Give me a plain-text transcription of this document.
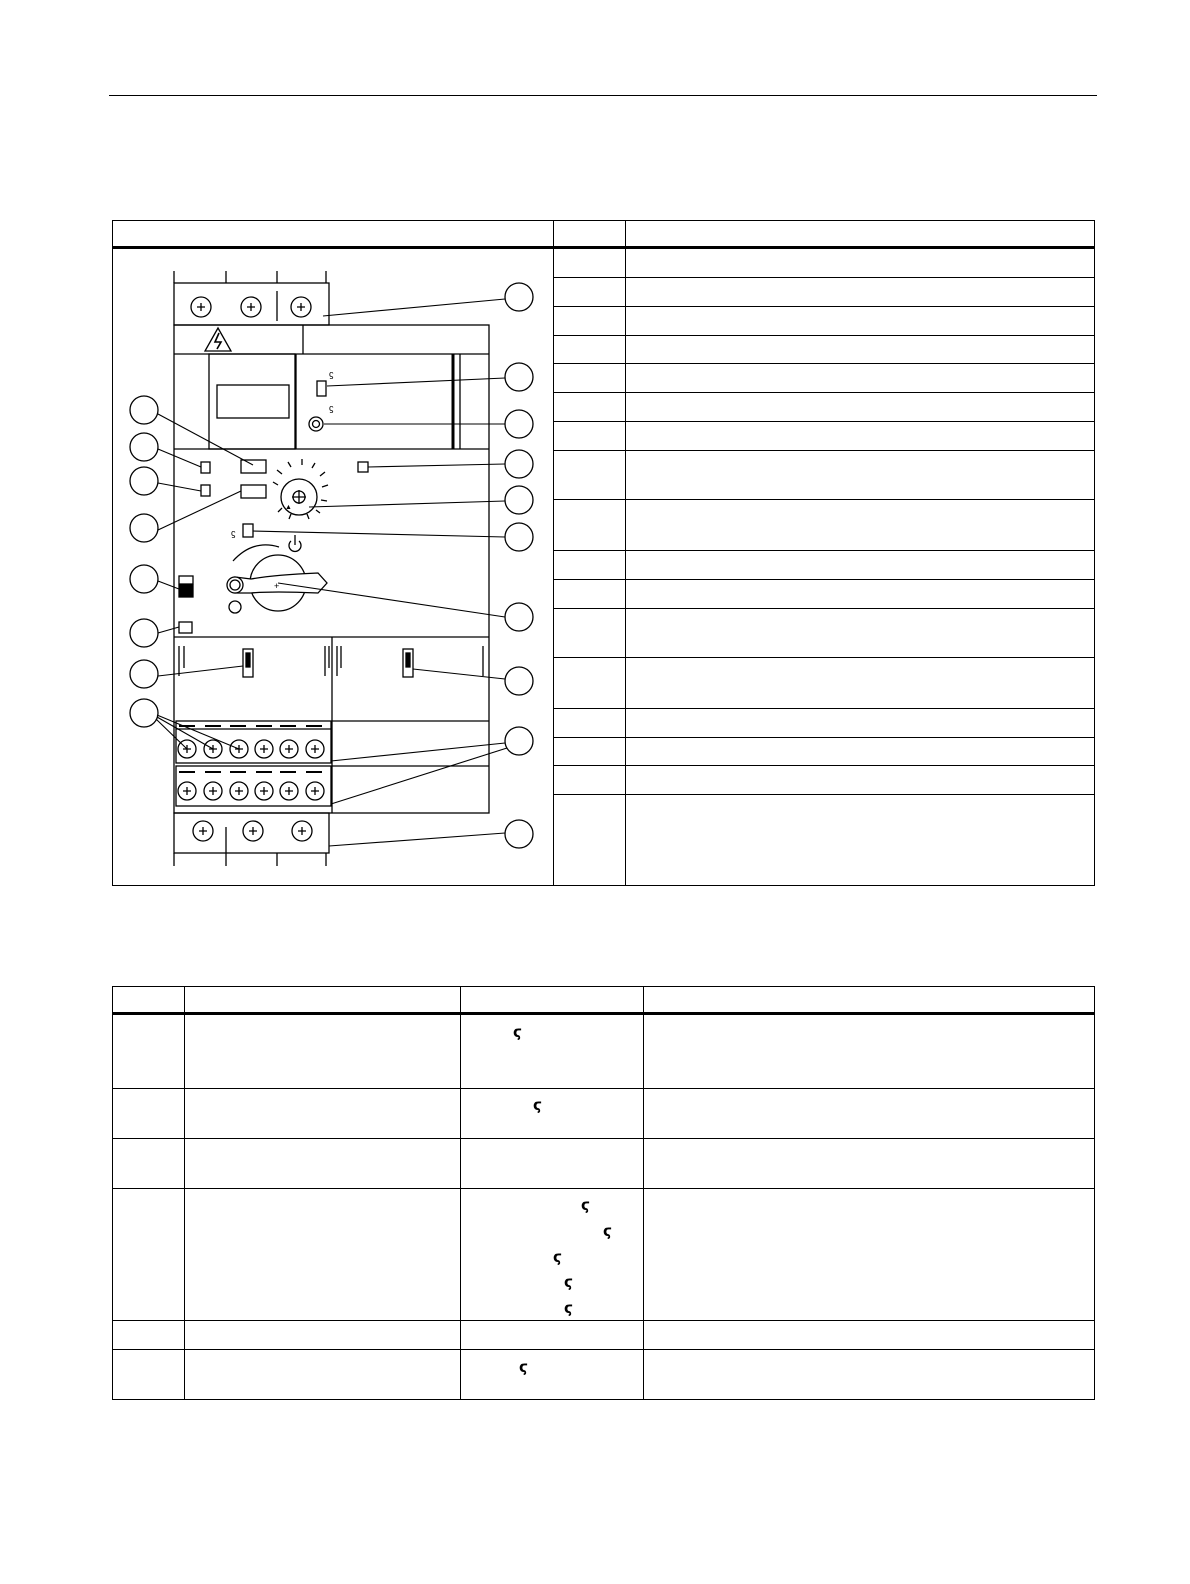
ϛ
ϛ
▲
ϛ
+
ϛ
ϛ
ϛ
ϛ
ϛ
ϛ
ϛ
ϛ
